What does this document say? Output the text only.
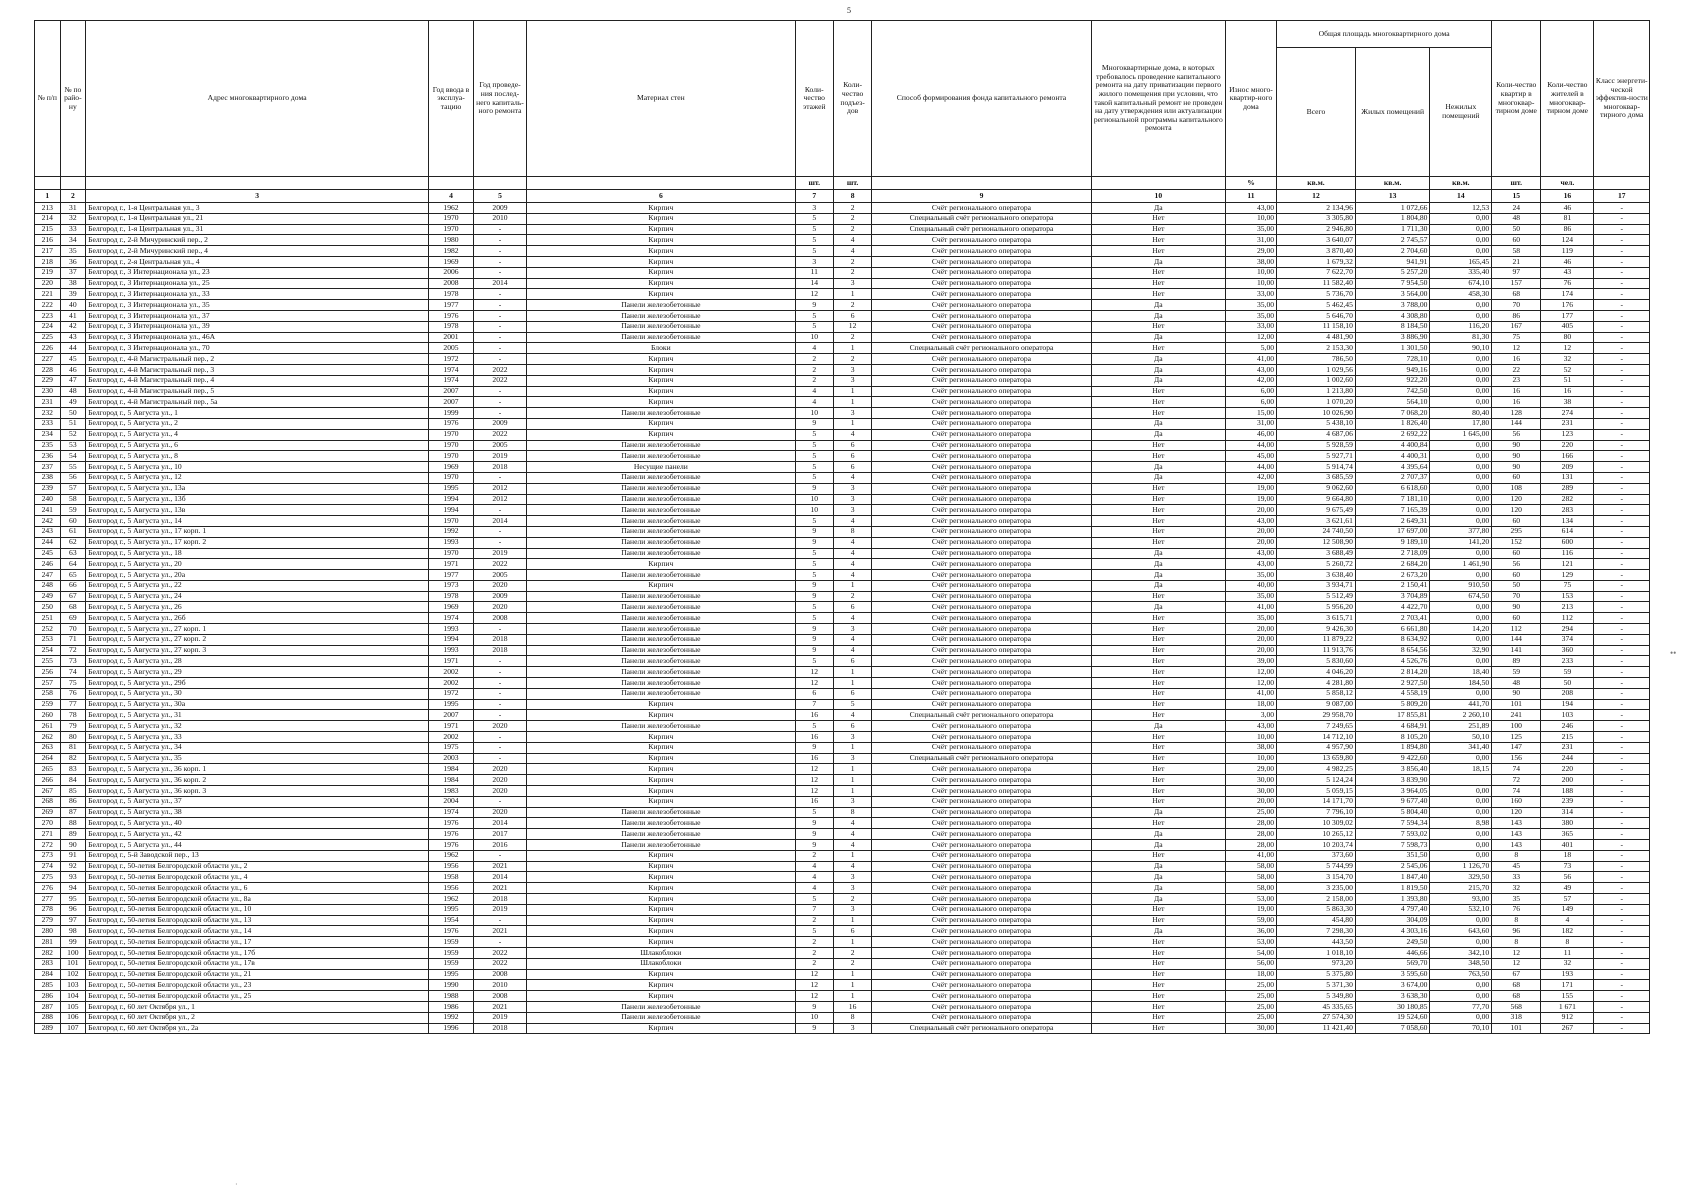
5
№ п/п	№ по райо-ну	Адрес многоквартирного дома	Год ввода в эксплуа-тацию	Год проведе-ния послед-него капиталь-ного ремонта	Материал стен	Коли-чество этажей	Коли-чество подъез-дов	Способ формирования фонда капитального ремонта	Многоквартирные дома, в которых требовалось проведение капитального ремонта на дату приватизации первого жилого помещения при условии, что такой капитальный ремонт не проведен на дату утверждения или актуализации региональной программы капитального ремонта	Износ много-квартир-ного дома	Общая площадь многоквартирного дома			Коли-чество квартир в многоквар-тирном доме	Коли-чество жителей в многоквар-тирном доме	Класс энергети-ческой эффектив-ности многоквар-тирного дома
											Всего	Жилых помещений	Нежилых помещений			
						шт.	шт.			%	кв.м.	кв.м.	кв.м.	шт.	чел.	
1	2	3	4	5	6	7	8	9	10	11	12	13	14	15	16	17
213	31	Белгород г., 1-я Центральная ул., 3	1962	2009	Кирпич	3	2	Счёт регионального оператора	Да	43,00	2 134,96	1 072,66	12,53	24	46	-
214	32	Белгород г., 1-я Центральная ул., 21	1970	2010	Кирпич	5	2	Специальный счёт регионального оператора	Нет	10,00	3 305,80	1 804,80	0,00	48	81	-
215	33	Белгород г., 1-я Центральная ул., 31	1970	-	Кирпич	5	2	Специальный счёт регионального оператора	Нет	35,00	2 946,80	1 711,30	0,00	50	86	-
216	34	Белгород г., 2-й Мичуринский пер., 2	1980	-	Кирпич	5	4	Счёт регионального оператора	Нет	31,00	3 640,07	2 745,57	0,00	60	124	-
217	35	Белгород г., 2-й Мичуринский пер., 4	1982	-	Кирпич	5	4	Счёт регионального оператора	Нет	29,00	3 870,40	2 704,60	0,00	58	119	-
218	36	Белгород г., 2-я Центральная ул., 4	1969	-	Кирпич	3	2	Счёт регионального оператора	Да	38,00	1 679,32	941,91	165,45	21	46	-
219	37	Белгород г., 3 Интернационала ул., 23	2006	-	Кирпич	11	2	Счёт регионального оператора	Нет	10,00	7 622,70	5 257,20	335,40	97	43	-
220	38	Белгород г., 3 Интернационала ул., 25	2008	2014	Кирпич	14	3	Счёт регионального оператора	Нет	10,00	11 582,40	7 954,50	674,10	157	76	-
221	39	Белгород г., 3 Интернационала ул., 33	1978	-	Кирпич	12	1	Счёт регионального оператора	Нет	33,00	5 736,70	3 564,00	458,30	68	174	-
222	40	Белгород г., 3 Интернационала ул., 35	1977	-	Панели железобетонные	9	2	Счёт регионального оператора	Да	35,00	5 462,45	3 788,00	0,00	70	176	-
223	41	Белгород г., 3 Интернационала ул., 37	1976	-	Панели железобетонные	5	6	Счёт регионального оператора	Да	35,00	5 646,70	4 308,80	0,00	86	177	-
224	42	Белгород г., 3 Интернационала ул., 39	1978	-	Панели железобетонные	5	12	Счёт регионального оператора	Нет	33,00	11 158,10	8 184,50	116,20	167	405	-
225	43	Белгород г., 3 Интернационала ул., 46А	2001	-	Панели железобетонные	10	2	Счёт регионального оператора	Да	12,00	4 481,90	3 886,90	81,30	75	80	-
226	44	Белгород г., 3 Интернационала ул., 70	2005	-	Блоки	4	1	Специальный счёт регионального оператора	Нет	5,00	2 153,30	1 301,50	90,10	12	12	-
227	45	Белгород г., 4-й Магистральный пер., 2	1972	-	Кирпич	2	2	Счёт регионального оператора	Да	41,00	786,50	728,10	0,00	16	32	-
228	46	Белгород г., 4-й Магистральный пер., 3	1974	2022	Кирпич	2	3	Счёт регионального оператора	Да	43,00	1 029,56	949,16	0,00	22	52	-
229	47	Белгород г., 4-й Магистральный пер., 4	1974	2022	Кирпич	2	3	Счёт регионального оператора	Да	42,00	1 002,60	922,20	0,00	23	51	-
230	48	Белгород г., 4-й Магистральный пер., 5	2007	-	Кирпич	4	1	Счёт регионального оператора	Нет	6,00	1 213,80	742,50	0,00	16	16	-
231	49	Белгород г., 4-й Магистральный пер., 5а	2007	-	Кирпич	4	1	Счёт регионального оператора	Нет	6,00	1 070,20	564,10	0,00	16	38	-
232	50	Белгород г., 5 Августа ул., 1	1999	-	Панели железобетонные	10	3	Счёт регионального оператора	Нет	15,00	10 026,90	7 068,20	80,40	128	274	-
233	51	Белгород г., 5 Августа ул., 2	1976	2009	Кирпич	9	1	Счёт регионального оператора	Да	31,00	5 438,10	1 826,40	17,80	144	231	-
234	52	Белгород г., 5 Августа ул., 4	1970	2022	Кирпич	5	4	Счёт регионального оператора	Да	46,00	4 687,06	2 692,22	1 645,00	56	123	-
235	53	Белгород г., 5 Августа ул., 6	1970	2005	Панели железобетонные	5	6	Счёт регионального оператора	Нет	44,00	5 928,59	4 400,84	0,00	90	220	-
236	54	Белгород г., 5 Августа ул., 8	1970	2019	Панели железобетонные	5	6	Счёт регионального оператора	Нет	45,00	5 927,71	4 400,31	0,00	90	166	-
237	55	Белгород г., 5 Августа ул., 10	1969	2018	Несущие панели	5	6	Счёт регионального оператора	Да	44,00	5 914,74	4 395,64	0,00	90	209	-
238	56	Белгород г., 5 Августа ул., 12	1970	-	Панели железобетонные	5	4	Счёт регионального оператора	Да	42,00	3 685,59	2 707,37	0,00	60	131	-
239	57	Белгород г., 5 Августа ул., 13а	1995	2012	Панели железобетонные	9	3	Счёт регионального оператора	Нет	19,00	9 062,60	6 618,60	0,00	108	289	-
240	58	Белгород г., 5 Августа ул., 13б	1994	2012	Панели железобетонные	10	3	Счёт регионального оператора	Нет	19,00	9 664,80	7 181,10	0,00	120	282	-
241	59	Белгород г., 5 Августа ул., 13в	1994	-	Панели железобетонные	10	3	Счёт регионального оператора	Нет	20,00	9 675,49	7 165,39	0,00	120	283	-
242	60	Белгород г., 5 Августа ул., 14	1970	2014	Панели железобетонные	5	4	Счёт регионального оператора	Нет	43,00	3 621,61	2 649,31	0,00	60	134	-
243	61	Белгород г., 5 Августа ул., 17 корп. 1	1992	-	Панели железобетонные	9	8	Счёт регионального оператора	Нет	20,00	24 740,50	17 697,00	377,80	295	614	-
244	62	Белгород г., 5 Августа ул., 17 корп. 2	1993	-	Панели железобетонные	9	4	Счёт регионального оператора	Нет	20,00	12 508,90	9 189,10	141,20	152	600	-
245	63	Белгород г., 5 Августа ул., 18	1970	2019	Панели железобетонные	5	4	Счёт регионального оператора	Да	43,00	3 688,49	2 718,09	0,00	60	116	-
246	64	Белгород г., 5 Августа ул., 20	1971	2022	Кирпич	5	4	Счёт регионального оператора	Да	43,00	5 260,72	2 684,20	1 461,90	56	121	-
247	65	Белгород г., 5 Августа ул., 20а	1977	2005	Панели железобетонные	5	4	Счёт регионального оператора	Да	35,00	3 638,40	2 673,20	0,00	60	129	-
248	66	Белгород г., 5 Августа ул., 22	1973	2020	Кирпич	9	1	Счёт регионального оператора	Да	40,00	3 934,71	2 150,41	910,50	50	75	-
249	67	Белгород г., 5 Августа ул., 24	1978	2009	Панели железобетонные	9	2	Счёт регионального оператора	Нет	35,00	5 512,49	3 704,89	674,50	70	153	-
250	68	Белгород г., 5 Августа ул., 26	1969	2020	Панели железобетонные	5	6	Счёт регионального оператора	Да	41,00	5 956,20	4 422,70	0,00	90	213	-
251	69	Белгород г., 5 Августа ул., 26б	1974	2008	Панели железобетонные	5	4	Счёт регионального оператора	Нет	35,00	3 615,71	2 703,41	0,00	60	112	-
252	70	Белгород г., 5 Августа ул., 27 корп. 1	1993	-	Панели железобетонные	9	3	Счёт регионального оператора	Нет	20,00	9 426,30	6 661,80	14,20	112	294	-
253	71	Белгород г., 5 Августа ул., 27 корп. 2	1994	2018	Панели железобетонные	9	4	Счёт регионального оператора	Нет	20,00	11 879,22	8 634,92	0,00	144	374	-
254	72	Белгород г., 5 Августа ул., 27 корп. 3	1993	2018	Панели железобетонные	9	4	Счёт регионального оператора	Нет	20,00	11 913,76	8 654,56	32,90	141	360	-
255	73	Белгород г., 5 Августа ул., 28	1971	-	Панели железобетонные	5	6	Счёт регионального оператора	Нет	39,00	5 830,60	4 526,76	0,00	89	233	-
256	74	Белгород г., 5 Августа ул., 29	2002	-	Панели железобетонные	12	1	Счёт регионального оператора	Нет	12,00	4 046,20	2 814,20	18,40	59	59	-
257	75	Белгород г., 5 Августа ул., 29б	2002	-	Панели железобетонные	12	1	Счёт регионального оператора	Нет	12,00	4 281,80	2 927,50	184,50	48	50	-
258	76	Белгород г., 5 Августа ул., 30	1972	-	Панели железобетонные	6	6	Счёт регионального оператора	Нет	41,00	5 858,12	4 558,19	0,00	90	208	-
259	77	Белгород г., 5 Августа ул., 30а	1995	-	Кирпич	7	5	Счёт регионального оператора	Нет	18,00	9 087,00	5 809,20	441,70	101	194	-
260	78	Белгород г., 5 Августа ул., 31	2007	-	Кирпич	16	4	Специальный счёт регионального оператора	Нет	3,00	29 958,70	17 855,81	2 260,10	241	103	-
261	79	Белгород г., 5 Августа ул., 32	1971	2020	Панели железобетонные	5	6	Счёт регионального оператора	Да	43,00	7 249,65	4 684,91	251,89	100	246	-
262	80	Белгород г., 5 Августа ул., 33	2002	-	Кирпич	16	3	Счёт регионального оператора	Нет	10,00	14 712,10	8 105,20	50,10	125	215	-
263	81	Белгород г., 5 Августа ул., 34	1975	-	Кирпич	9	1	Счёт регионального оператора	Нет	38,00	4 957,90	1 894,80	341,40	147	231	-
264	82	Белгород г., 5 Августа ул., 35	2003	-	Кирпич	16	3	Специальный счёт регионального оператора	Нет	10,00	13 659,80	9 422,60	0,00	156	244	-
265	83	Белгород г., 5 Августа ул., 36 корп. 1	1984	2020	Кирпич	12	1	Счёт регионального оператора	Нет	29,00	4 982,25	3 856,40	18,15	74	220	-
266	84	Белгород г., 5 Августа ул., 36 корп. 2	1984	2020	Кирпич	12	1	Счёт регионального оператора	Нет	30,00	5 124,24	3 839,90		72	200	-
267	85	Белгород г., 5 Августа ул., 36 корп. 3	1983	2020	Кирпич	12	1	Счёт регионального оператора	Нет	30,00	5 059,15	3 964,05	0,00	74	188	-
268	86	Белгород г., 5 Августа ул., 37	2004	-	Кирпич	16	3	Счёт регионального оператора	Нет	20,00	14 171,70	9 677,40	0,00	160	239	-
269	87	Белгород г., 5 Августа ул., 38	1974	2020	Панели железобетонные	5	8	Счёт регионального оператора	Да	25,00	7 796,10	5 804,40	0,00	120	314	-
270	88	Белгород г., 5 Августа ул., 40	1976	2014	Панели железобетонные	9	4	Счёт регионального оператора	Нет	28,00	10 309,02	7 594,34	8,98	143	380	-
271	89	Белгород г., 5 Августа ул., 42	1976	2017	Панели железобетонные	9	4	Счёт регионального оператора	Да	28,00	10 265,12	7 593,02	0,00	143	365	-
272	90	Белгород г., 5 Августа ул., 44	1976	2016	Панели железобетонные	9	4	Счёт регионального оператора	Да	28,00	10 203,74	7 598,73	0,00	143	401	-
273	91	Белгород г., 5-й Заводской пер., 13	1962	-	Кирпич	2	1	Счёт регионального оператора	Нет	41,00	373,60	351,50	0,00	8	18	-
274	92	Белгород г., 50-летия Белгородской области ул., 2	1956	2021	Кирпич	4	4	Счёт регионального оператора	Да	58,00	5 744,99	2 545,06	1 126,70	45	73	-
275	93	Белгород г., 50-летия Белгородской области ул., 4	1958	2014	Кирпич	4	3	Счёт регионального оператора	Да	58,00	3 154,70	1 847,40	329,50	33	56	-
276	94	Белгород г., 50-летия Белгородской области ул., 6	1956	2021	Кирпич	4	3	Счёт регионального оператора	Да	58,00	3 235,00	1 819,50	215,70	32	49	-
277	95	Белгород г., 50-летия Белгородской области ул., 8а	1962	2018	Кирпич	5	2	Счёт регионального оператора	Да	53,00	2 158,00	1 393,80	93,00	35	57	-
278	96	Белгород г., 50-летия Белгородской области ул., 10	1995	2019	Кирпич	7	3	Счёт регионального оператора	Нет	19,00	5 863,30	4 797,40	532,10	76	149	-
279	97	Белгород г., 50-летия Белгородской области ул., 13	1954	-	Кирпич	2	1	Счёт регионального оператора	Нет	59,00	454,80	304,09	0,00	8	4	-
280	98	Белгород г., 50-летия Белгородской области ул., 14	1976	2021	Кирпич	5	6	Счёт регионального оператора	Да	36,00	7 298,30	4 303,16	643,60	96	182	-
281	99	Белгород г., 50-летия Белгородской области ул., 17	1959	-	Кирпич	2	1	Счёт регионального оператора	Нет	53,00	443,50	249,50	0,00	8	8	-
282	100	Белгород г., 50-летия Белгородской области ул., 17б	1959	2022	Шлакоблоки	2	2	Счёт регионального оператора	Нет	54,00	1 018,10	446,66	342,10	12	11	-
283	101	Белгород г., 50-летия Белгородской области ул., 17в	1959	2022	Шлакоблоки	2	2	Счёт регионального оператора	Нет	56,00	973,20	569,70	348,50	12	32	-
284	102	Белгород г., 50-летия Белгородской области ул., 21	1995	2008	Кирпич	12	1	Счёт регионального оператора	Нет	18,00	5 375,80	3 595,60	763,50	67	193	-
285	103	Белгород г., 50-летия Белгородской области ул., 23	1990	2010	Кирпич	12	1	Счёт регионального оператора	Нет	25,00	5 371,30	3 674,00	0,00	68	171	-
286	104	Белгород г., 50-летия Белгородской области ул., 25	1988	2008	Кирпич	12	1	Счёт регионального оператора	Нет	25,00	5 349,80	3 638,30	0,00	68	155	-
287	105	Белгород г., 60 лет Октября ул., 1	1986	2021	Панели железобетонные	9	16	Счёт регионального оператора	Нет	25,00	45 335,65	30 180,85	77,70	568	1 671	-
288	106	Белгород г., 60 лет Октября ул., 2	1992	2019	Панели железобетонные	10	8	Счёт регионального оператора	Нет	25,00	27 574,30	19 524,60	0,00	318	912	-
289	107	Белгород г., 60 лет Октября ул., 2а	1996	2018	Кирпич	9	3	Специальный счёт регионального оператора	Нет	30,00	11 421,40	7 058,60	70,10	101	267	-
••
·
